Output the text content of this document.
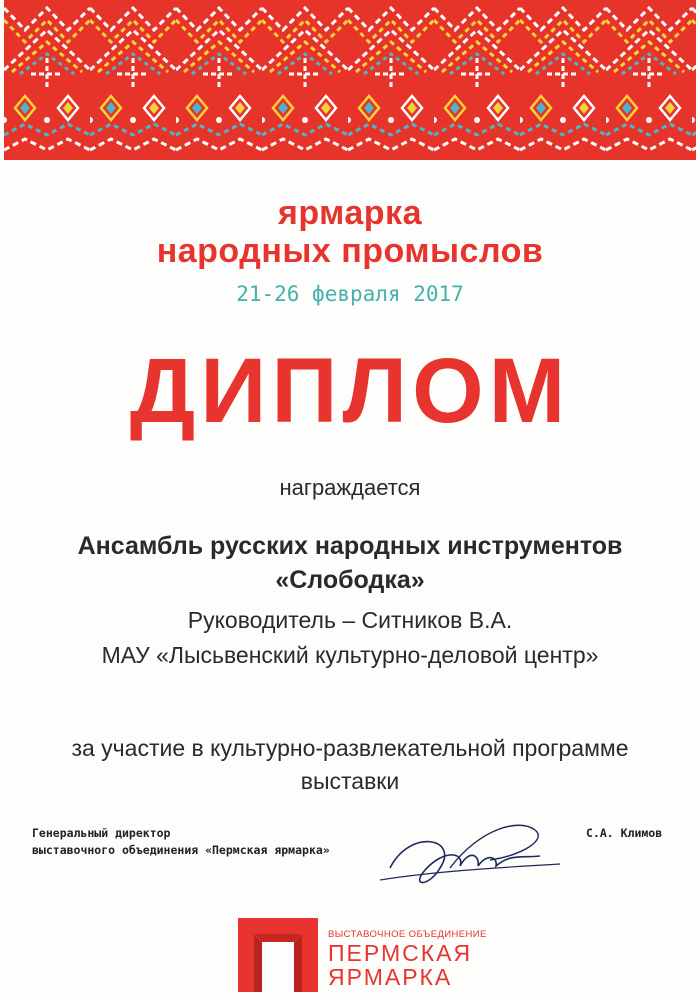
ярмарка
народных промыслов
21-26 февраля 2017
ДИПЛОМ
награждается
Ансамбль русских народных инструментов
«Слободка»
Руководитель – Ситников В.А.
МАУ «Лысьвенский культурно-деловой центр»
за участие в культурно-развлекательной программе
выставки
Генеральный директор
выставочного объединения «Пермская ярмарка»
С.А. Климов
ВЫСТАВОЧНОЕ ОБЪЕДИНЕНИЕ
ПЕРМСКАЯ
ЯРМАРКА
